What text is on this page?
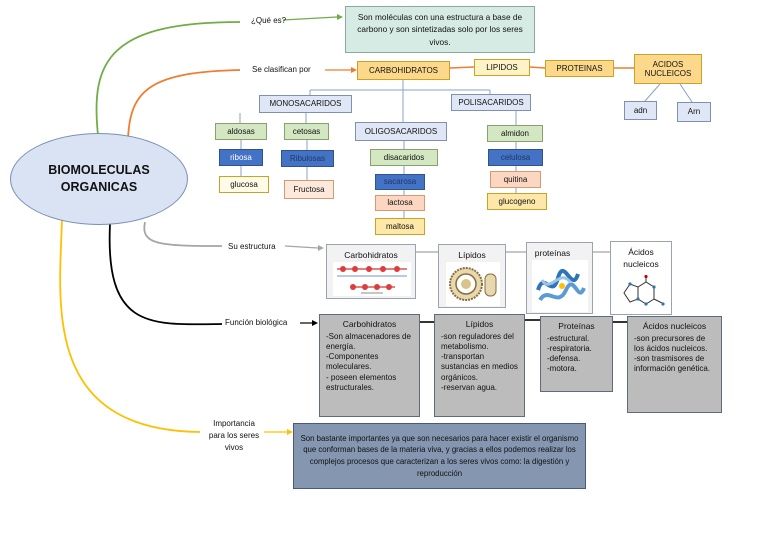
BIOMOLECULAS ORGANICAS
¿Qué es?
Se clasifican por
Su estructura
Función biológica
Importancia para los seres vivos
Son moléculas con una estructura a base de carbono y son sintetizadas solo por los seres vivos.
CARBOHIDRATOS	LIPIDOS	PROTEINAS	ACIDOS NUCLEICOS
adn	Arn
MONOSACARIDOS
OLIGOSACARIDOS
POLISACARIDOS
aldosas	cetosas
ribosa	Ribulosas
glucosa
Fructosa
disacaridos
sacarosa
lactosa
maltosa
almidon
celulosa
quitina
glucogeno
Carbohidratos	Lípidos	proteínas	Ácidos nucleicos
Carbohidratos
-Son almacenadores de energía.
-Componentes moleculares.
- poseen elementos estructurales.
Lípidos
-son reguladores del metabolismo.
-transportan sustancias en medios orgánicos.
-reservan agua.
Proteínas
-estructural.
-respiratoria.
-defensa.
-motora.
Ácidos nucleicos
-son precursores de los ácidos nucleicos.
-son trasmisores de información genética.
Son bastante importantes ya que son necesarios para hacer existir el organismo que conforman bases de la materia viva, y gracias a ellos podemos realizar los complejos procesos que caracterizan a los seres vivos como: la digestión y reproducción
